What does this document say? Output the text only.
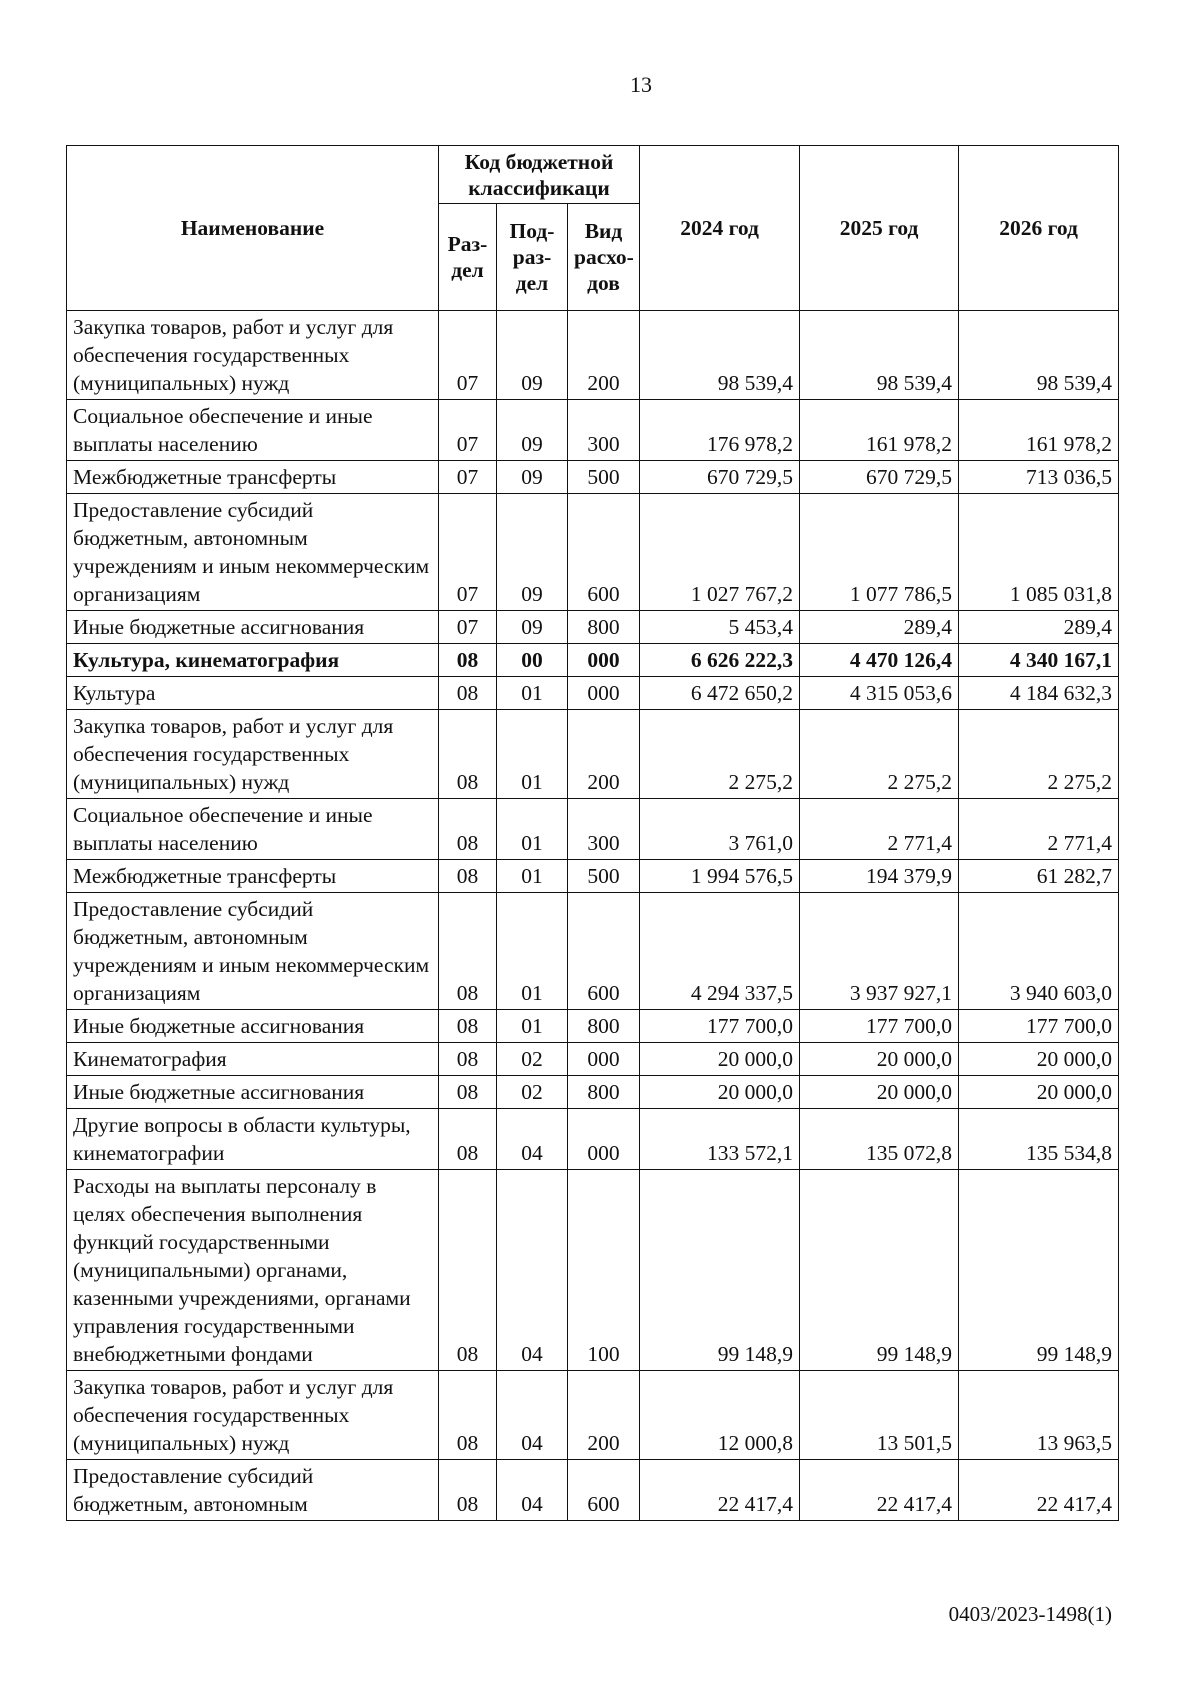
13
Наименование	Код бюджетной классификаци			2024 год	2025 год	2026 год
	Раз-дел	Под-раз-дел	Вид расхо-дов			
Закупка товаров, работ и услуг для обеспечения государственных (муниципальных) нужд	07	09	200	98 539,4	98 539,4	98 539,4
Социальное обеспечение и иные выплаты населению	07	09	300	176 978,2	161 978,2	161 978,2
Межбюджетные трансферты	07	09	500	670 729,5	670 729,5	713 036,5
Предоставление субсидий бюджетным, автономным учреждениям и иным некоммерческим организациям	07	09	600	1 027 767,2	1 077 786,5	1 085 031,8
Иные бюджетные ассигнования	07	09	800	5 453,4	289,4	289,4
Культура, кинематография	08	00	000	6 626 222,3	4 470 126,4	4 340 167,1
Культура	08	01	000	6 472 650,2	4 315 053,6	4 184 632,3
Закупка товаров, работ и услуг для обеспечения государственных (муниципальных) нужд	08	01	200	2 275,2	2 275,2	2 275,2
Социальное обеспечение и иные выплаты населению	08	01	300	3 761,0	2 771,4	2 771,4
Межбюджетные трансферты	08	01	500	1 994 576,5	194 379,9	61 282,7
Предоставление субсидий бюджетным, автономным учреждениям и иным некоммерческим организациям	08	01	600	4 294 337,5	3 937 927,1	3 940 603,0
Иные бюджетные ассигнования	08	01	800	177 700,0	177 700,0	177 700,0
Кинематография	08	02	000	20 000,0	20 000,0	20 000,0
Иные бюджетные ассигнования	08	02	800	20 000,0	20 000,0	20 000,0
Другие вопросы в области культуры, кинематографии	08	04	000	133 572,1	135 072,8	135 534,8
Расходы на выплаты персоналу в целях обеспечения выполнения функций государственными (муниципальными) органами, казенными учреждениями, органами управления государственными внебюджетными фондами	08	04	100	99 148,9	99 148,9	99 148,9
Закупка товаров, работ и услуг для обеспечения государственных (муниципальных) нужд	08	04	200	12 000,8	13 501,5	13 963,5
Предоставление субсидий бюджетным, автономным	08	04	600	22 417,4	22 417,4	22 417,4
0403/2023-1498(1)
